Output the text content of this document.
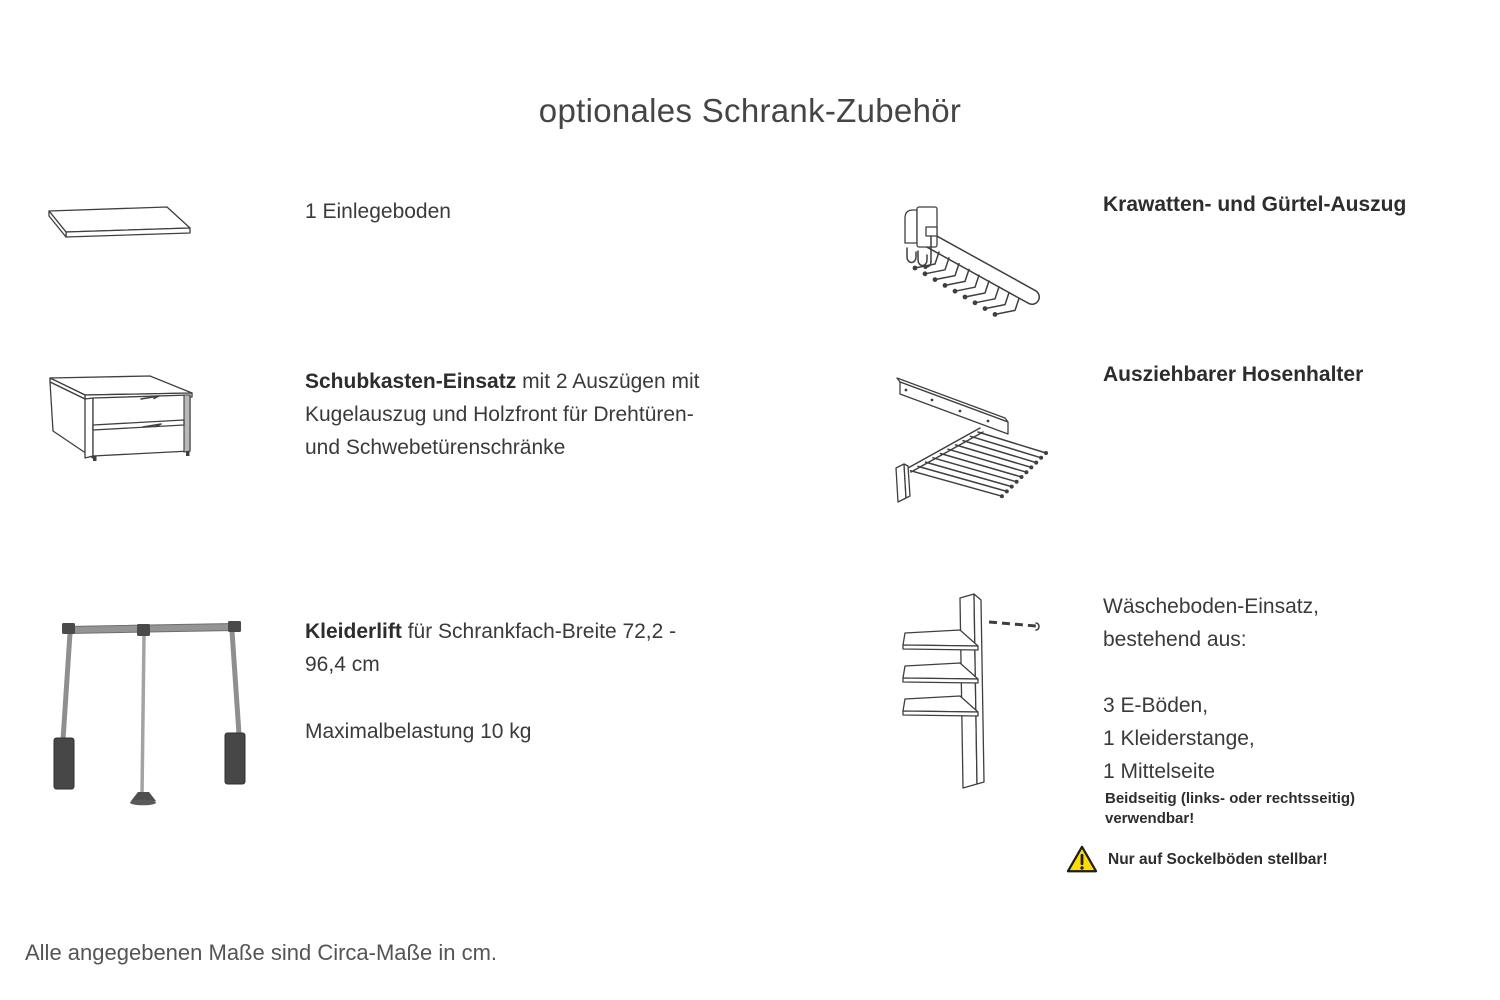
optionales Schrank-Zubehör

1 Einlegeboden

Schubkasten-Einsatz mit 2 Auszügen mit
Kugelauszug und Holzfront für Drehtüren-
und Schwebetürenschränke

Kleiderlift für Schrankfach-Breite 72,2 -
96,4 cm

Maximalbelastung 10 kg

Krawatten- und Gürtel-Auszug
Ausziehbarer Hosenhalter

Wäscheboden-Einsatz,
bestehend aus:

3 E-Böden,
1 Kleiderstange,
1 Mittelseite

Beidseitig (links- oder rechtsseitig)
verwendbar!

Nur auf Sockelböden stellbar!

Alle angegebenen Maße sind Circa-Maße in cm.
